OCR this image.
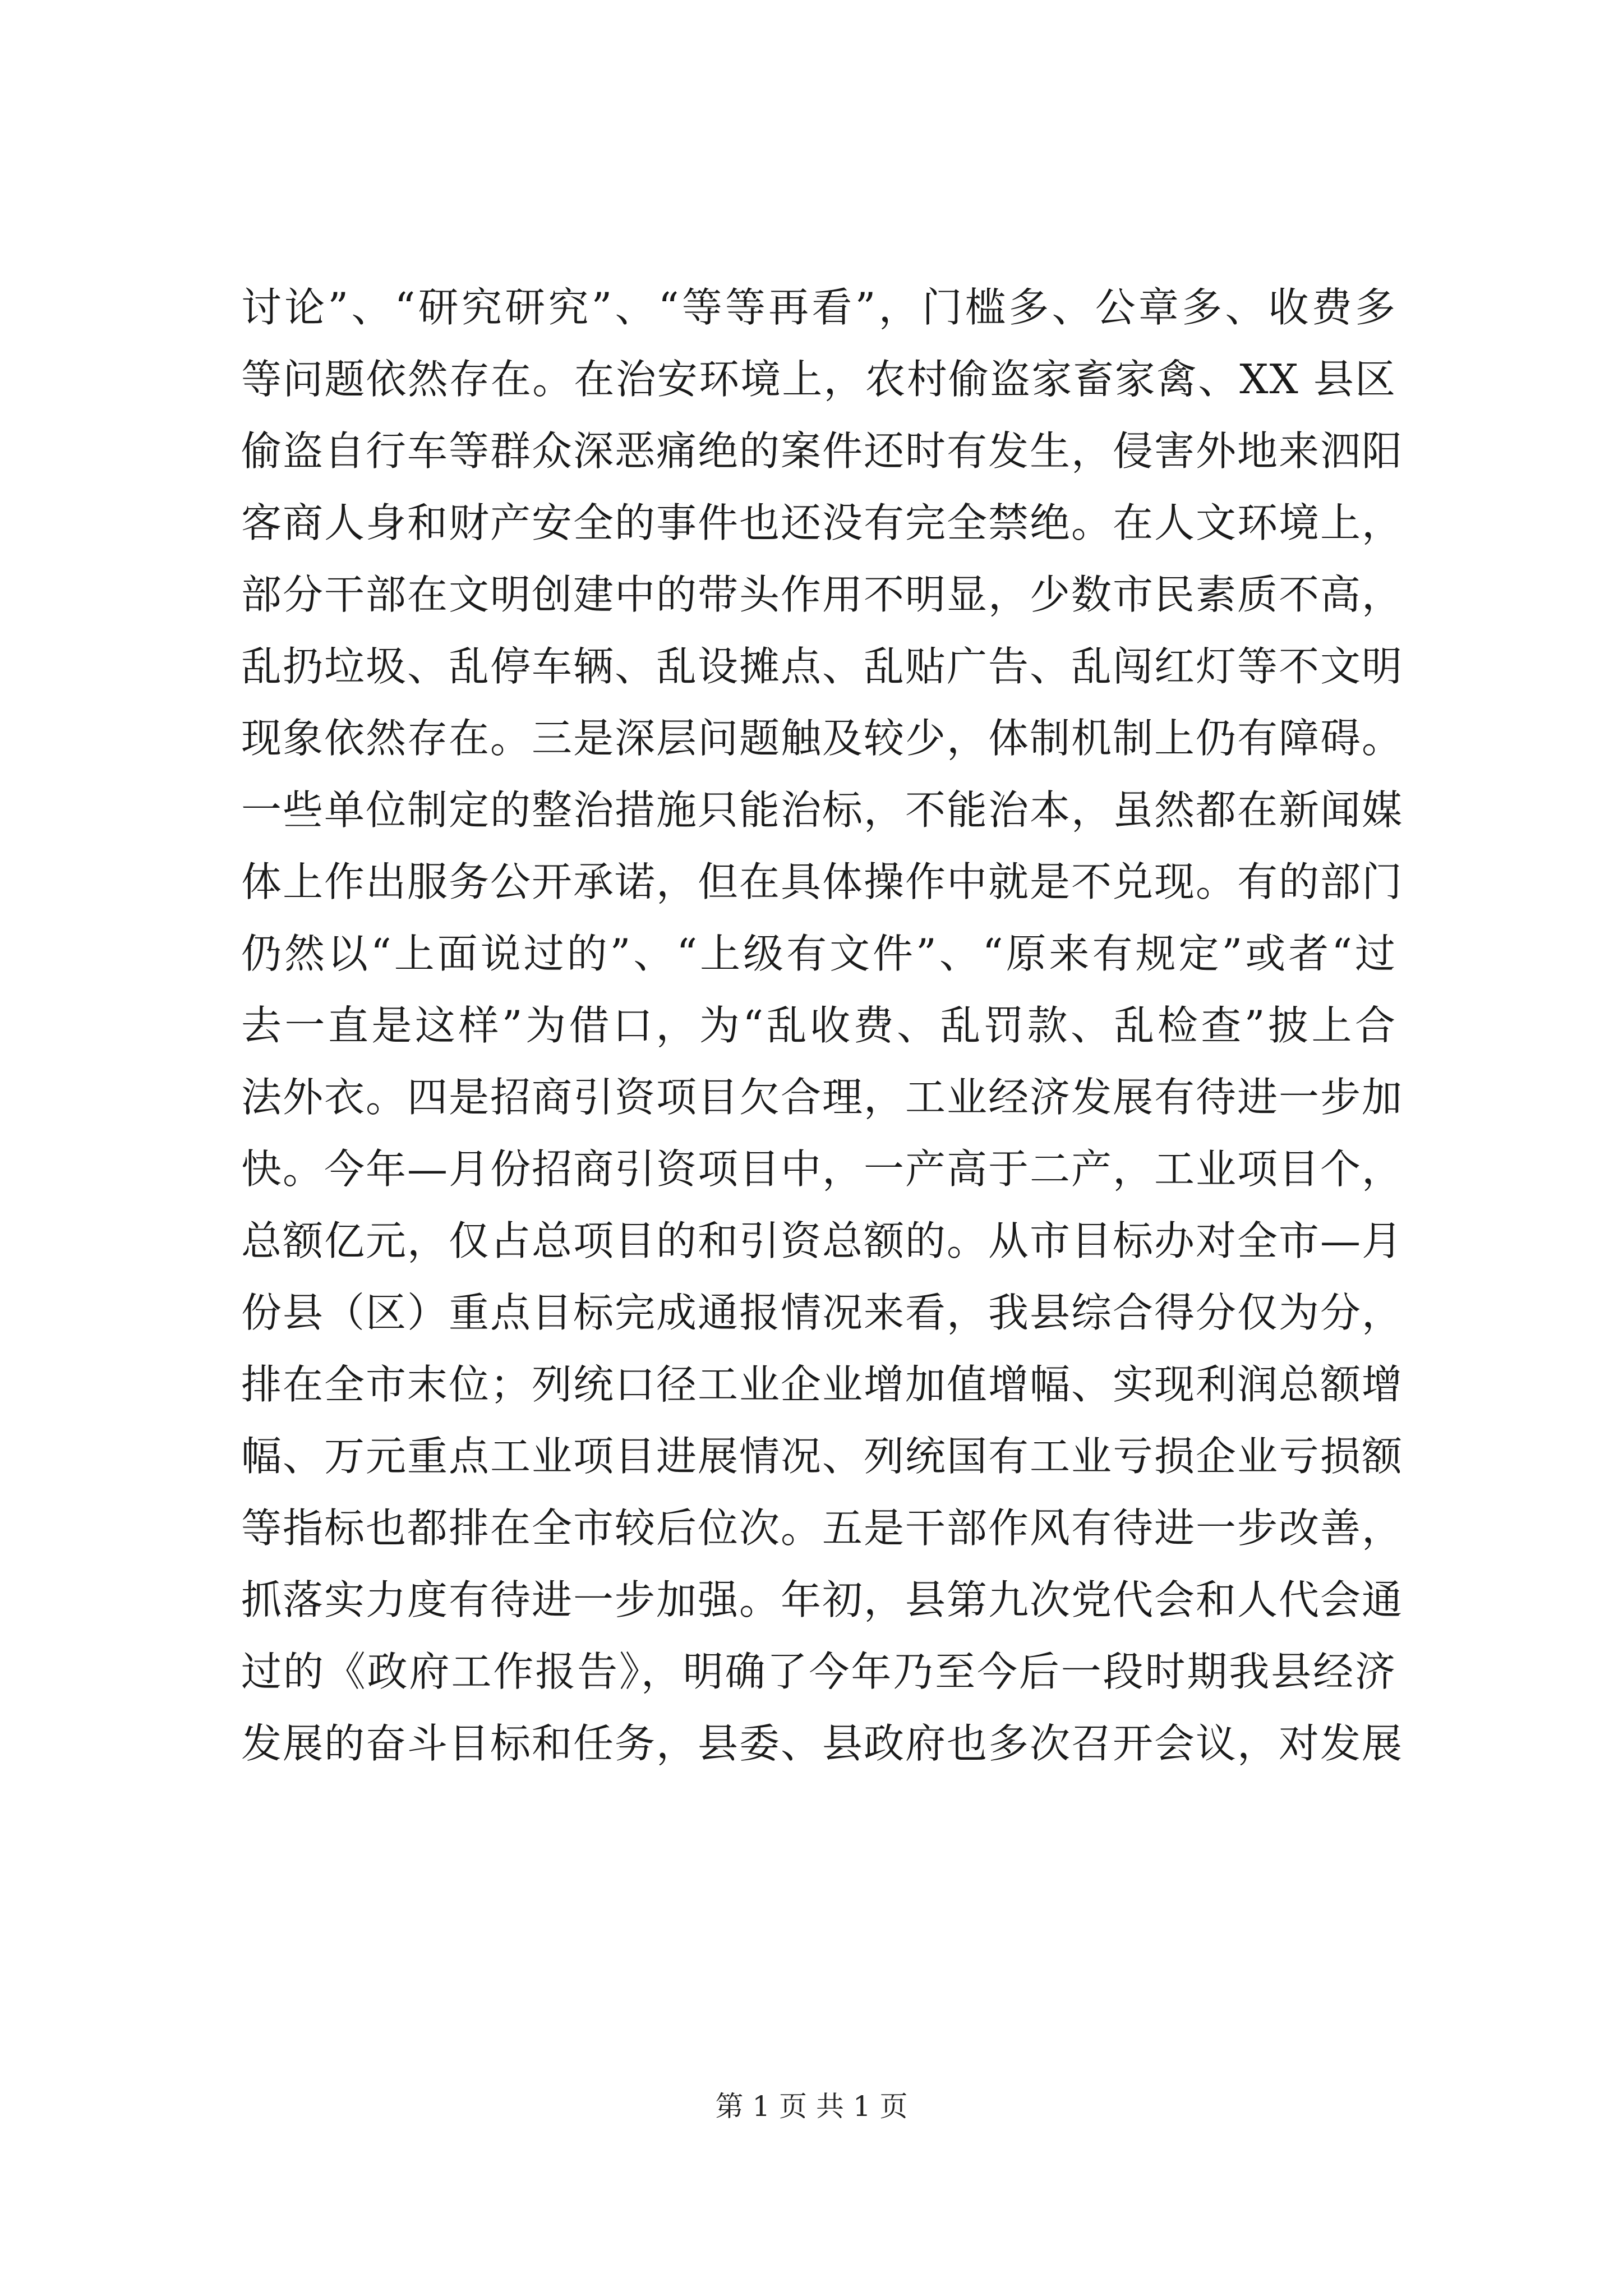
讨论”、“研究研究”、“等等再看”，门槛多、公章多、收费多
等问题依然存在。在治安环境上，农村偷盗家畜家禽、XX 县区
偷盗自行车等群众深恶痛绝的案件还时有发生，侵害外地来泗阳
客商人身和财产安全的事件也还没有完全禁绝。在人文环境上，
部分干部在文明创建中的带头作用不明显，少数市民素质不高，
乱扔垃圾、乱停车辆、乱设摊点、乱贴广告、乱闯红灯等不文明
现象依然存在。三是深层问题触及较少，体制机制上仍有障碍。
一些单位制定的整治措施只能治标，不能治本，虽然都在新闻媒
体上作出服务公开承诺，但在具体操作中就是不兑现。有的部门
仍然以“上面说过的”、“上级有文件”、“原来有规定”或者“过
去一直是这样”为借口，为“乱收费、乱罚款、乱检查”披上合
法外衣。四是招商引资项目欠合理，工业经济发展有待进一步加
快。今年—月份招商引资项目中，一产高于二产，工业项目个，
总额亿元，仅占总项目的和引资总额的。从市目标办对全市—月
份县（区）重点目标完成通报情况来看，我县综合得分仅为分，
排在全市末位；列统口径工业企业增加值增幅、实现利润总额增
幅、万元重点工业项目进展情况、列统国有工业亏损企业亏损额
等指标也都排在全市较后位次。五是干部作风有待进一步改善，
抓落实力度有待进一步加强。年初，县第九次党代会和人代会通
过的《政府工作报告》，明确了今年乃至今后一段时期我县经济
发展的奋斗目标和任务，县委、县政府也多次召开会议，对发展
第 1 页 共 1 页
